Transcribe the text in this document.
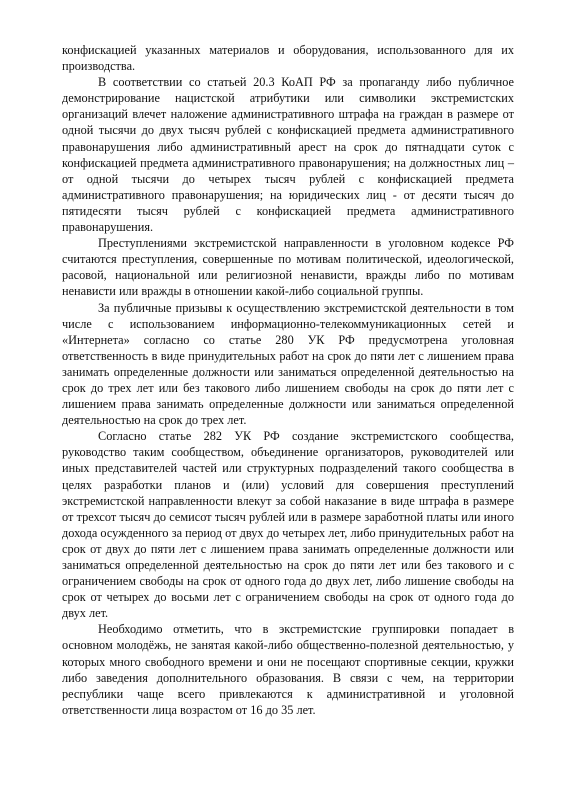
конфискацией указанных материалов и оборудования, использованного для их производства.

В соответствии со статьей 20.3 КоАП РФ за пропаганду либо публичное демонстрирование нацистской атрибутики или символики экстремистских организаций влечет наложение административного штрафа на граждан в размере от одной тысячи до двух тысяч рублей с конфискацией предмета административного правонарушения либо административный арест на срок до пятнадцати суток с конфискацией предмета административного правонарушения; на должностных лиц – от одной тысячи до четырех тысяч рублей с конфискацией предмета административного правонарушения; на юридических лиц - от десяти тысяч до пятидесяти тысяч рублей с конфискацией предмета административного правонарушения.

Преступлениями экстремистской направленности в уголовном кодексе РФ считаются преступления, совершенные по мотивам политической, идеологической, расовой, национальной или религиозной ненависти, вражды либо по мотивам ненависти или вражды в отношении какой-либо социальной группы.

За публичные призывы к осуществлению экстремистской деятельности в том числе с использованием информационно-телекоммуникационных сетей и «Интернета» согласно со статье 280 УК РФ предусмотрена уголовная ответственность в виде принудительных работ на срок до пяти лет с лишением права занимать определенные должности или заниматься определенной деятельностью на срок до трех лет или без такового либо лишением свободы на срок до пяти лет с лишением права занимать определенные должности или заниматься определенной деятельностью на срок до трех лет.

Согласно статье 282 УК РФ создание экстремистского сообщества, руководство таким сообществом, объединение организаторов, руководителей или иных представителей частей или структурных подразделений такого сообщества в целях разработки планов и (или) условий для совершения преступлений экстремистской направленности влекут за собой наказание в виде штрафа в размере от трехсот тысяч до семисот тысяч рублей или в размере заработной платы или иного дохода осужденного за период от двух до четырех лет, либо принудительных работ на срок от двух до пяти лет с лишением права занимать определенные должности или заниматься определенной деятельностью на срок до пяти лет или без такового и с ограничением свободы на срок от одного года до двух лет, либо лишение свободы на срок от четырех до восьми лет с ограничением свободы на срок от одного года до двух лет.

Необходимо отметить, что в экстремистские группировки попадает в основном молодёжь, не занятая какой-либо общественно-полезной деятельностью, у которых много свободного времени и они не посещают спортивные секции, кружки либо заведения дополнительного образования. В связи с чем, на территории республики чаще всего привлекаются к административной и уголовной ответственности лица возрастом от 16 до 35 лет.
